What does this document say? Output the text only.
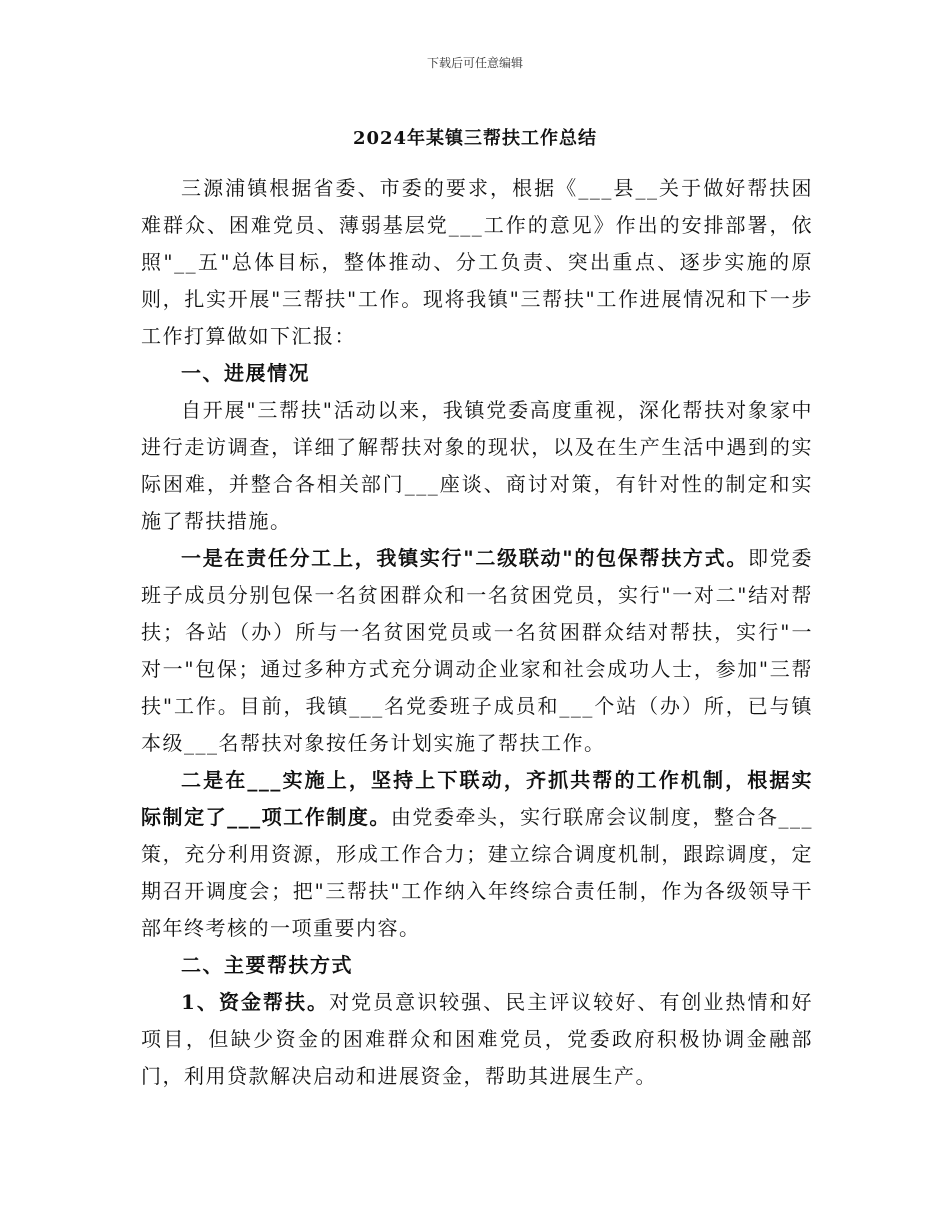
下载后可任意编辑
2024年某镇三帮扶工作总结

三源浦镇根据省委、市委的要求，根据《___县__关于做好帮扶困难群众、困难党员、薄弱基层党___工作的意见》作出的安排部署，依照"__五"总体目标，整体推动、分工负责、突出重点、逐步实施的原则，扎实开展"三帮扶"工作。现将我镇"三帮扶"工作进展情况和下一步工作打算做如下汇报：

一、进展情况

自开展"三帮扶"活动以来，我镇党委高度重视，深化帮扶对象家中进行走访调查，详细了解帮扶对象的现状，以及在生产生活中遇到的实际困难，并整合各相关部门___座谈、商讨对策，有针对性的制定和实施了帮扶措施。

一是在责任分工上，我镇实行"二级联动"的包保帮扶方式。即党委班子成员分别包保一名贫困群众和一名贫困党员，实行"一对二"结对帮扶；各站（办）所与一名贫困党员或一名贫困群众结对帮扶，实行"一对一"包保；通过多种方式充分调动企业家和社会成功人士，参加"三帮扶"工作。目前，我镇___名党委班子成员和___个站（办）所，已与镇本级___名帮扶对象按任务计划实施了帮扶工作。

二是在___实施上，坚持上下联动，齐抓共帮的工作机制，根据实际制定了___项工作制度。由党委牵头，实行联席会议制度，整合各___策，充分利用资源，形成工作合力；建立综合调度机制，跟踪调度，定期召开调度会；把"三帮扶"工作纳入年终综合责任制，作为各级领导干部年终考核的一项重要内容。

二、主要帮扶方式

1、资金帮扶。对党员意识较强、民主评议较好、有创业热情和好项目，但缺少资金的困难群众和困难党员，党委政府积极协调金融部门，利用贷款解决启动和进展资金，帮助其进展生产。
